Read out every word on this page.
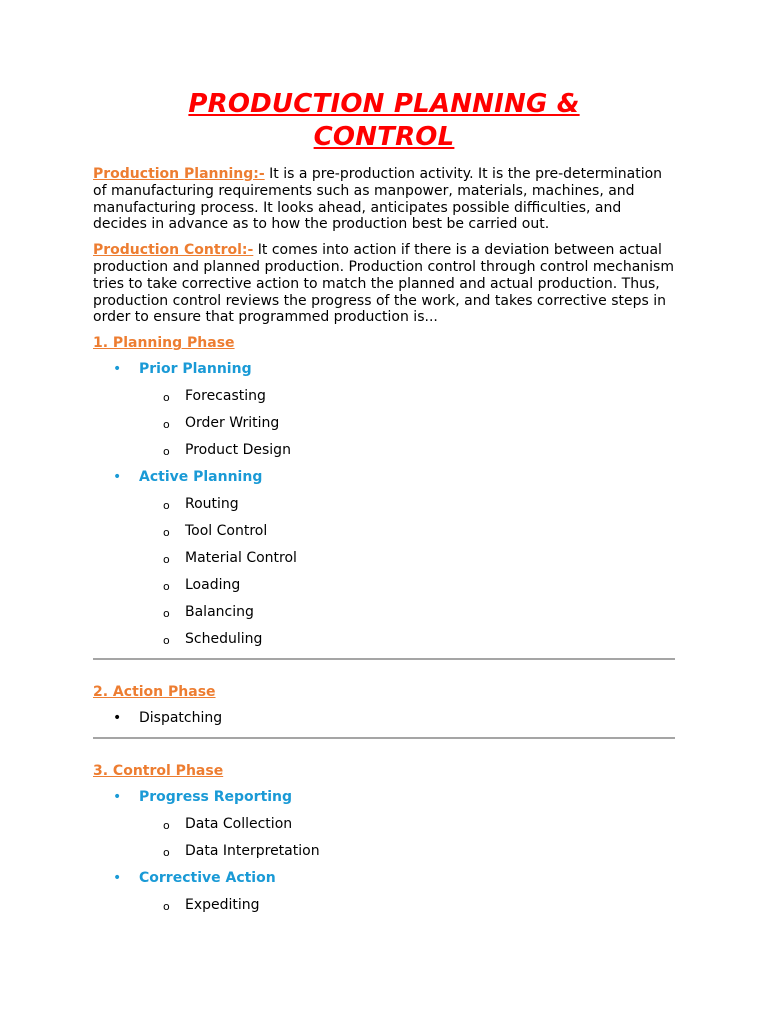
PRODUCTION PLANNING &
CONTROL

Production Planning:- It is a pre-production activity. It is the pre-determination of manufacturing requirements such as manpower, materials, machines, and manufacturing process. It looks ahead, anticipates possible difficulties, and decides in advance as to how the production best be carried out.

Production Control:- It comes into action if there is a deviation between actual production and planned production. Production control through control mechanism tries to take corrective action to match the planned and actual production. Thus, production control reviews the progress of the work, and takes corrective steps in order to ensure that programmed production is...

1. Planning Phase
• Prior Planning
o Forecasting
o Order Writing
o Product Design
• Active Planning
o Routing
o Tool Control
o Material Control
o Loading
o Balancing
o Scheduling
2. Action Phase
• Dispatching
3. Control Phase
• Progress Reporting
o Data Collection
o Data Interpretation
• Corrective Action
o Expediting
